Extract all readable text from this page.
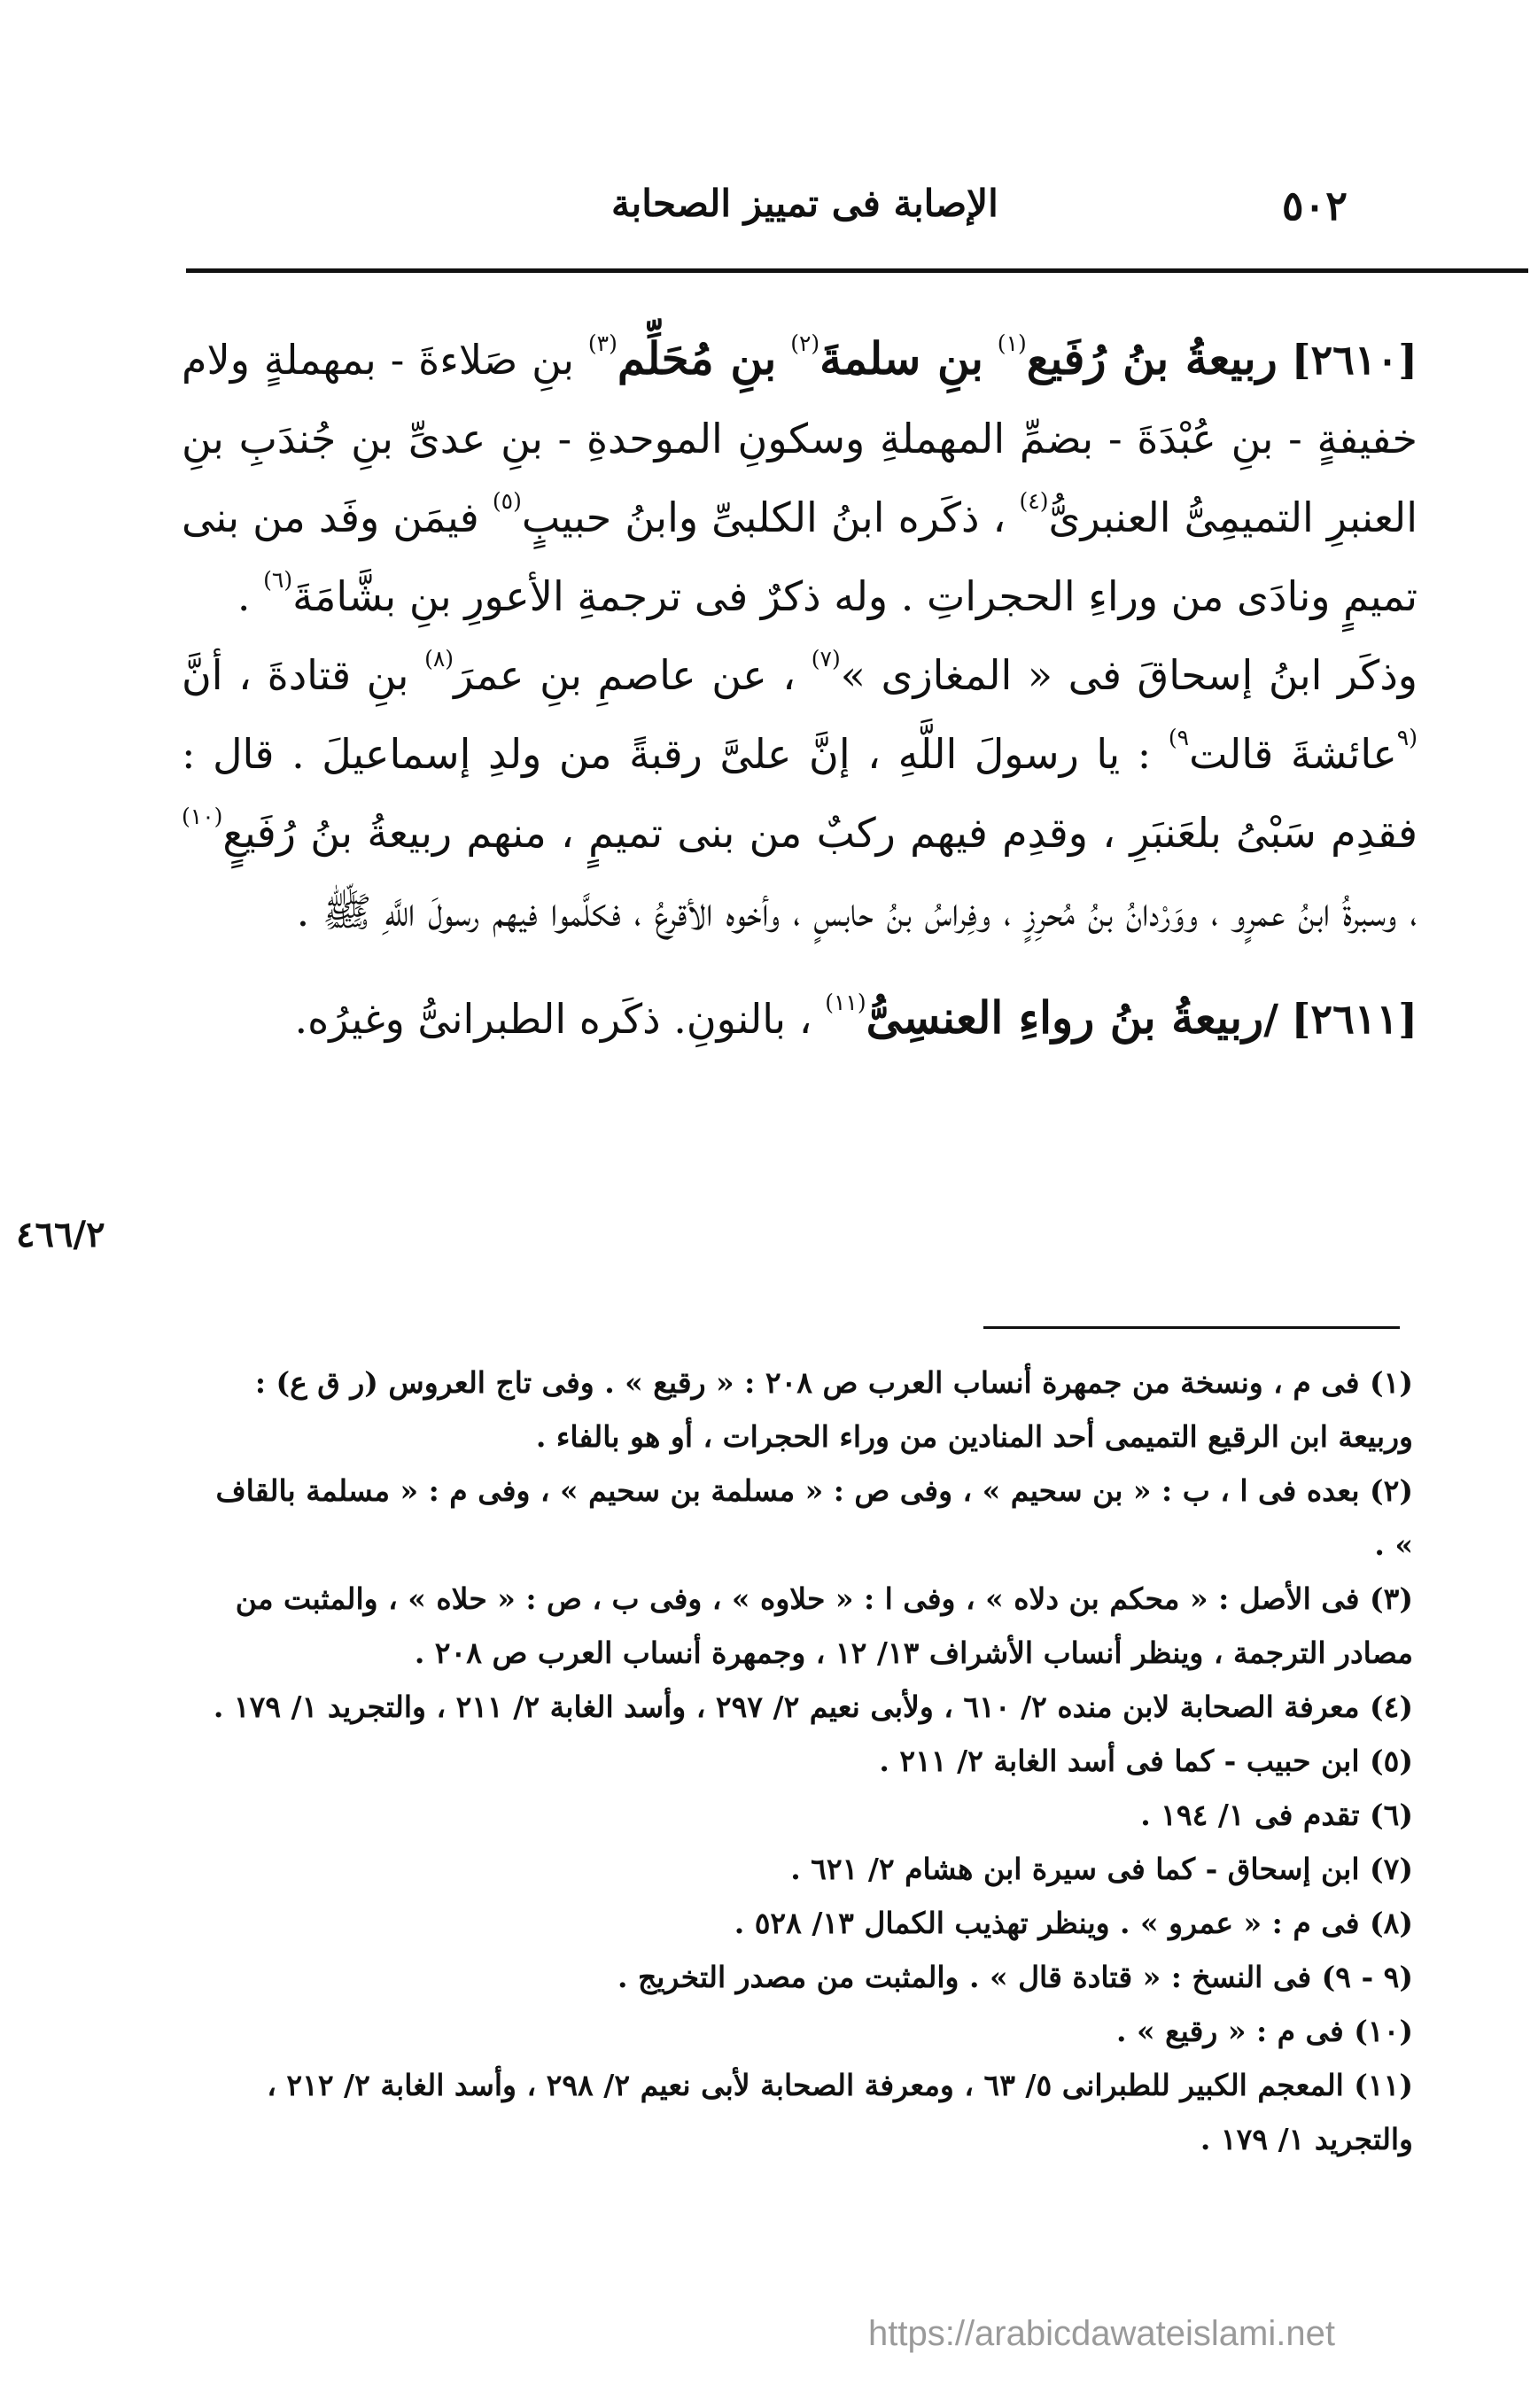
٥٠٢
الإصابة فى تمييز الصحابة

[٢٦١٠] ربيعةُ بنُ رُفَيع$^{(١)}$ بنِ سلمةَ$^{(٢)}$ بنِ مُحَلِّم$^{(٣)}$ بنِ صَلاءةَ - بمهملةٍ ولام خفيفةٍ - بنِ عُبْدَةَ - بضمِّ المهملةِ وسكونِ الموحدةِ - بنِ عدىِّ بنِ جُندَبِ بنِ العنبرِ التميمِىُّ العنبرىُّ$^{(٤)}$ ، ذكَره ابنُ الكلبىِّ وابنُ حبيبٍ$^{(٥)}$ فيمَن وفَد من بنى تميمٍ ونادَى من وراءِ الحجراتِ . وله ذكرٌ فى ترجمةِ الأعورِ بنِ بشَّامَةَ$^{(٦)}$ .

وذكَر ابنُ إسحاقَ فى « المغازى »$^{(٧)}$ ، عن عاصمِ بنِ عمرَ$^{(٨)}$ بنِ قتادةَ ، أنَّ $^{(٩}$عائشةَ قالت$^{٩)}$ : يا رسولَ اللَّهِ ، إنَّ علىَّ رقبةً من ولدِ إسماعيلَ . قال : فقدِم سَبْىُ بلعَنبَرِ ، وقدِم فيهم ركبٌ من بنى تميمٍ ، منهم ربيعةُ بنُ رُفَيعٍ$^{(١٠)}$ ، وسبرةُ ابنُ عمرٍو ، ووَرْدانُ بنُ مُحرِزٍ ، وفِراسُ بنُ حابسٍ ، وأخوه الأقرعُ ، فكلَّموا فيهم رسولَ اللَّهِ ﷺ .

[٢٦١١] /ربيعةُ بنُ رواءِ العنسِىُّ$^{(١١)}$ ، بالنونِ. ذكَره الطبرانىُّ وغيرُه.

٤٦٦/٢

(١) فى م ، ونسخة من جمهرة أنساب العرب ص ٢٠٨ : « رقيع » . وفى تاج العروس (ر ق ع) : وربيعة ابن الرقيع التميمى أحد المنادين من وراء الحجرات ، أو هو بالفاء .

(٢) بعده فى ا ، ب : « بن سحيم » ، وفى ص : « مسلمة بن سحيم » ، وفى م : « مسلمة بالقاف » .

(٣) فى الأصل : « محكم بن دلاه » ، وفى ا : « حلاوه » ، وفى ب ، ص : « حلاه » ، والمثبت من مصادر الترجمة ، وينظر أنساب الأشراف ١٣/ ١٢ ، وجمهرة أنساب العرب ص ٢٠٨ .

(٤) معرفة الصحابة لابن منده ٢/ ٦١٠ ، ولأبى نعيم ٢/ ٢٩٧ ، وأسد الغابة ٢/ ٢١١ ، والتجريد ١/ ١٧٩ .

(٥) ابن حبيب - كما فى أسد الغابة ٢/ ٢١١ .

(٦) تقدم فى ١/ ١٩٤ .

(٧) ابن إسحاق - كما فى سيرة ابن هشام ٢/ ٦٢١ .

(٨) فى م : « عمرو » . وينظر تهذيب الكمال ١٣/ ٥٢٨ .

(٩ - ٩) فى النسخ : « قتادة قال » . والمثبت من مصدر التخريج .

(١٠) فى م : « رقيع » .

(١١) المعجم الكبير للطبرانى ٥/ ٦٣ ، ومعرفة الصحابة لأبى نعيم ٢/ ٢٩٨ ، وأسد الغابة ٢/ ٢١٢ ، والتجريد ١/ ١٧٩ .

https://arabicdawateislami.net
